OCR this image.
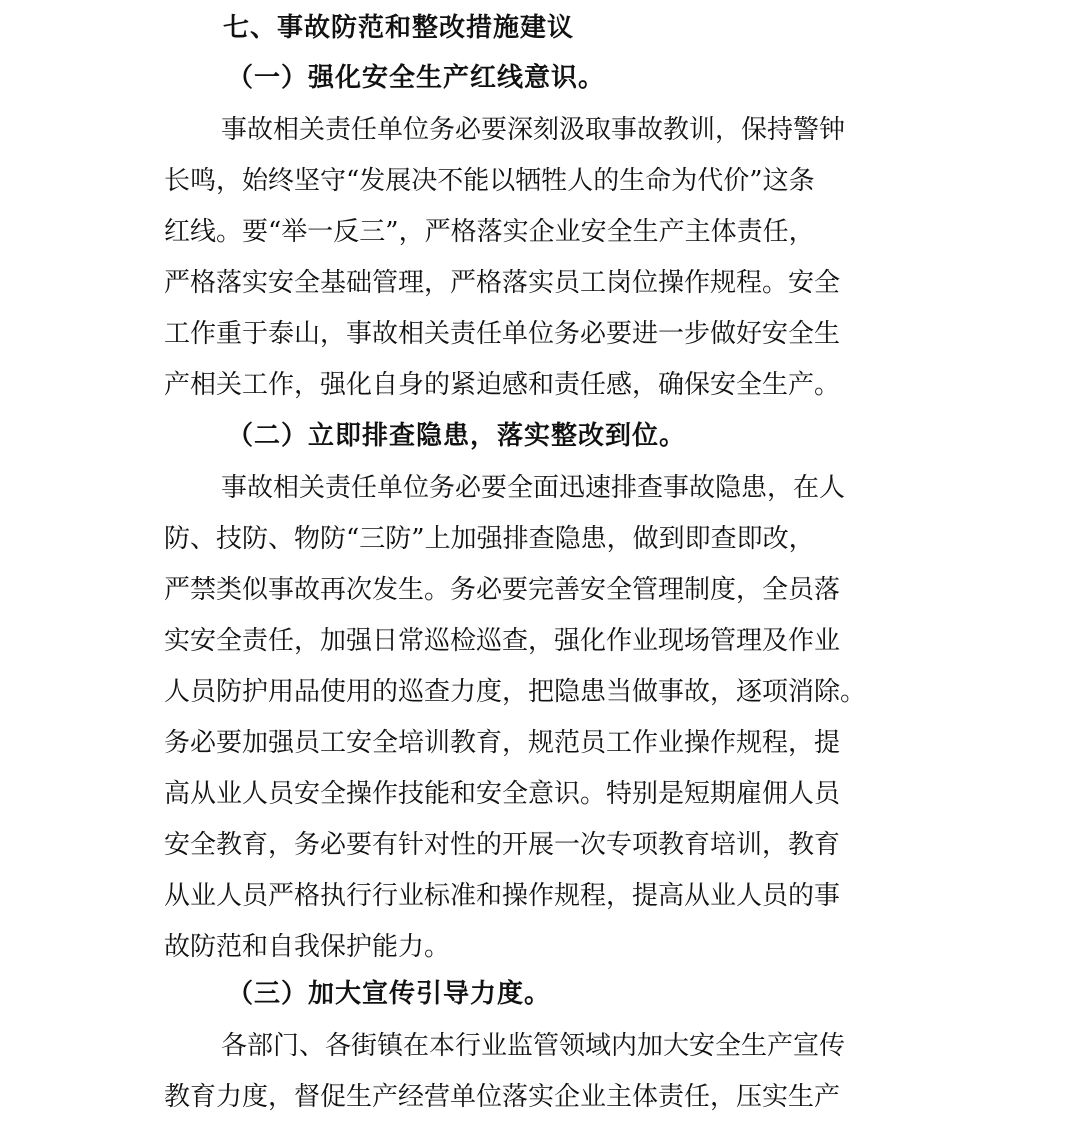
七、事故防范和整改措施建议
（一）强化安全生产红线意识。
事故相关责任单位务必要深刻汲取事故教训，保持警钟
长鸣，始终坚守“发展决不能以牺牲人的生命为代价”这条
红线。要“举一反三”，严格落实企业安全生产主体责任，
严格落实安全基础管理，严格落实员工岗位操作规程。安全
工作重于泰山，事故相关责任单位务必要进一步做好安全生
产相关工作，强化自身的紧迫感和责任感，确保安全生产。
（二）立即排查隐患，落实整改到位。
事故相关责任单位务必要全面迅速排查事故隐患，在人
防、技防、物防“三防”上加强排查隐患，做到即查即改，
严禁类似事故再次发生。务必要完善安全管理制度，全员落
实安全责任，加强日常巡检巡查，强化作业现场管理及作业
人员防护用品使用的巡查力度，把隐患当做事故，逐项消除。
务必要加强员工安全培训教育，规范员工作业操作规程，提
高从业人员安全操作技能和安全意识。特别是短期雇佣人员
安全教育，务必要有针对性的开展一次专项教育培训，教育
从业人员严格执行行业标准和操作规程，提高从业人员的事
故防范和自我保护能力。
（三）加大宣传引导力度。
各部门、各街镇在本行业监管领域内加大安全生产宣传
教育力度，督促生产经营单位落实企业主体责任，压实生产
